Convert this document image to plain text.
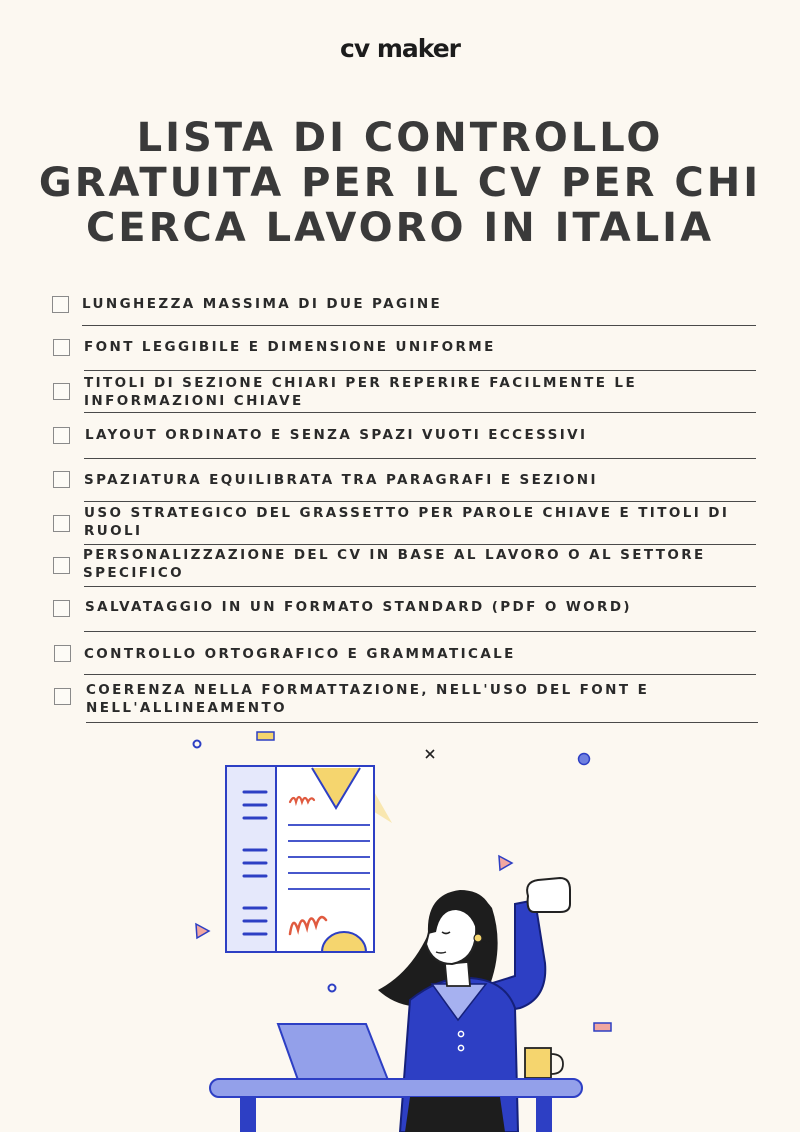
cv maker
LISTA DI CONTROLLO
GRATUITA PER IL CV PER CHI
CERCA LAVORO IN ITALIA
LUNGHEZZA MASSIMA DI DUE PAGINE
FONT LEGGIBILE E DIMENSIONE UNIFORME
TITOLI DI SEZIONE CHIARI PER REPERIRE FACILMENTE LE
INFORMAZIONI CHIAVE
LAYOUT ORDINATO E SENZA SPAZI VUOTI ECCESSIVI
SPAZIATURA EQUILIBRATA TRA PARAGRAFI E SEZIONI
USO STRATEGICO DEL GRASSETTO PER PAROLE CHIAVE E TITOLI DI
RUOLI
PERSONALIZZAZIONE DEL CV IN BASE AL LAVORO O AL SETTORE
SPECIFICO
SALVATAGGIO IN UN FORMATO STANDARD (PDF O WORD)
CONTROLLO ORTOGRAFICO E GRAMMATICALE
COERENZA NELLA FORMATTAZIONE, NELL'USO DEL FONT E
NELL'ALLINEAMENTO
